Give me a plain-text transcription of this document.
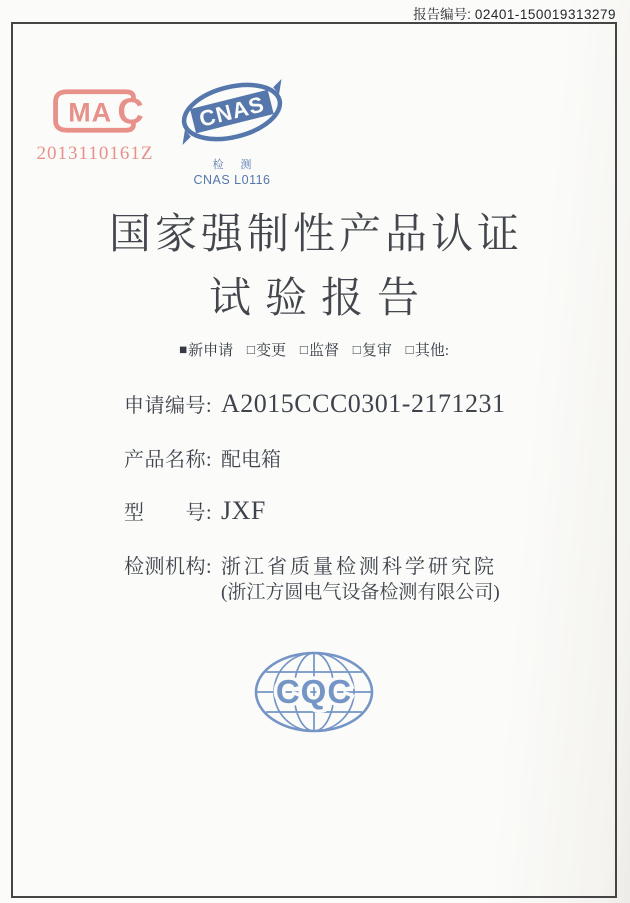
报告编号: 02401-150019313279
MA C
2013110161Z
CNAS
检 测
CNAS L0116
国家强制性产品认证
试验报告
■新申请 □变更 □监督 □复审 □其他:
申请编号: A2015CCC0301-2171231
产品名称: 配电箱
型　　号: JXF
检测机构: 浙江省质量检测科学研究院
(浙江方圆电气设备检测有限公司)
CQC
